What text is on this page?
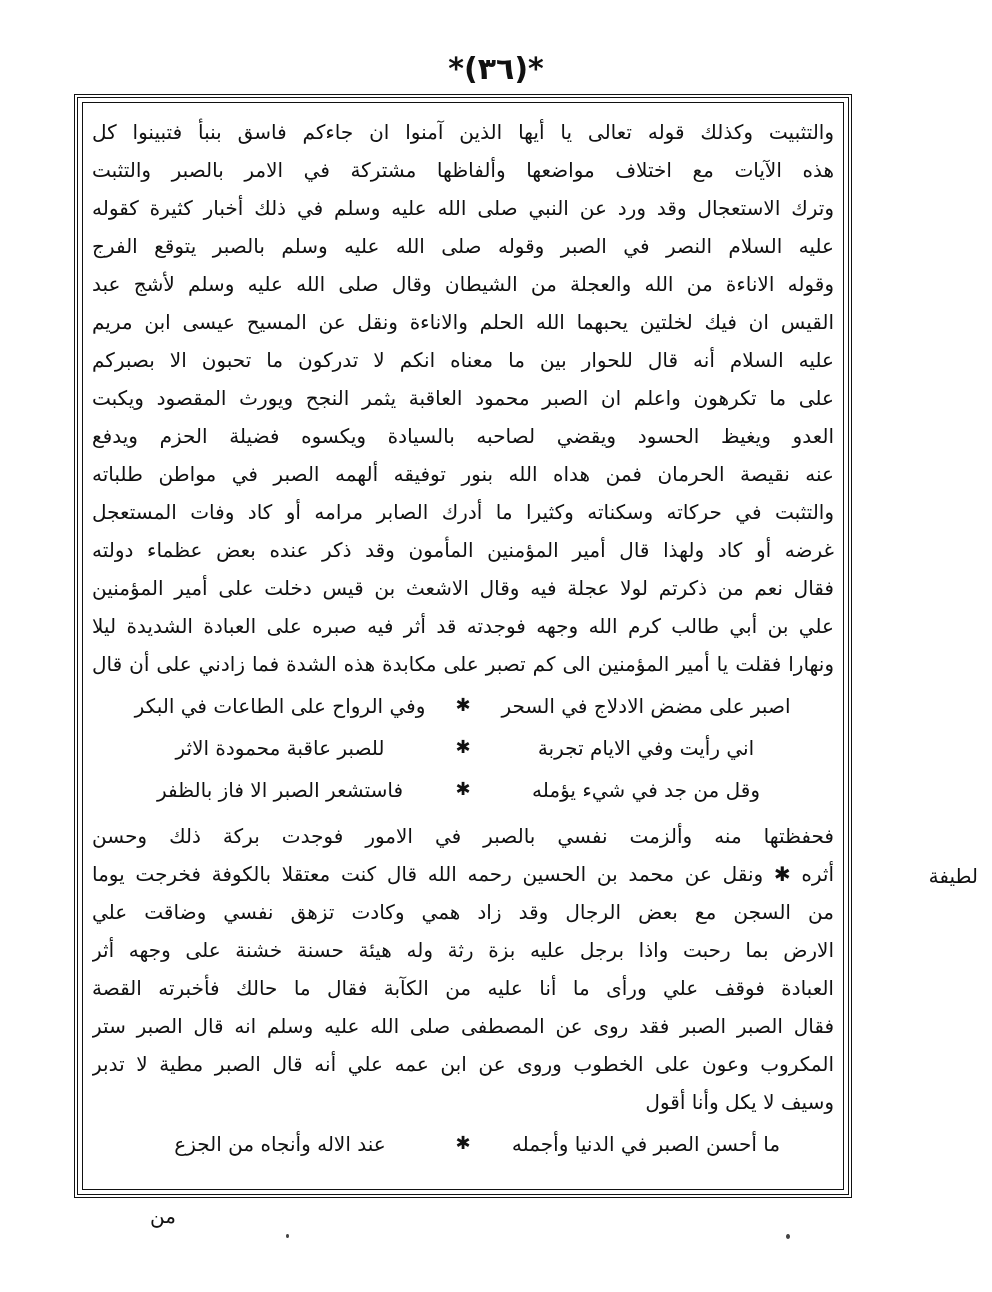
*(٣٦)*
والتثبيت وكذلك قوله تعالى يا أيها الذين آمنوا ان جاءكم فاسق بنبأ فتبينوا كل
هذه الآيات مع اختلاف مواضعها وألفاظها مشتركة في الامر بالصبر والتثبت
وترك الاستعجال وقد ورد عن النبي صلى الله عليه وسلم في ذلك أخبار كثيرة كقوله
عليه السلام النصر في الصبر وقوله صلى الله عليه وسلم بالصبر يتوقع الفرج
وقوله الاناءة من الله والعجلة من الشيطان وقال صلى الله عليه وسلم لأشج عبد
القيس ان فيك لخلتين يحبهما الله الحلم والاناءة ونقل عن المسيح عيسى ابن مريم
عليه السلام أنه قال للحوار بين ما معناه انكم لا تدركون ما تحبون الا بصبركم
على ما تكرهون واعلم ان الصبر محمود العاقبة يثمر النجح ويورث المقصود ويكبت
العدو ويغيظ الحسود ويقضي لصاحبه بالسيادة ويكسوه فضيلة الحزم ويدفع
عنه نقيصة الحرمان فمن هداه الله بنور توفيقه ألهمه الصبر في مواطن طلباته
والتثبت في حركاته وسكناته وكثيرا ما أدرك الصابر مرامه أو كاد وفات المستعجل
غرضه أو كاد ولهذا قال أمير المؤمنين المأمون وقد ذكر عنده بعض عظماء دولته
فقال نعم من ذكرتم لولا عجلة فيه وقال الاشعث بن قيس دخلت على أمير المؤمنين
علي بن أبي طالب كرم الله وجهه فوجدته قد أثر فيه صبره على العبادة الشديدة ليلا
ونهارا فقلت يا أمير المؤمنين الى كم تصبر على مكابدة هذه الشدة فما زادني على أن قال
اصبر على مضض الادلاج في السحر
✱
وفي الرواح على الطاعات في البكر
اني رأيت وفي الايام تجربة
✱
للصبر عاقبة محمودة الاثر
وقل من جد في شيء يؤمله
✱
فاستشعر الصبر الا فاز بالظفر
فحفظتها منه وألزمت نفسي بالصبر في الامور فوجدت بركة ذلك وحسن
أثره ✱ ونقل عن محمد بن الحسين رحمه الله قال كنت معتقلا بالكوفة فخرجت يوما
من السجن مع بعض الرجال وقد زاد همي وكادت تزهق نفسي وضاقت علي
الارض بما رحبت واذا برجل عليه بزة رثة وله هيئة حسنة خشنة على وجهه أثر
العبادة فوقف علي ورأى ما أنا عليه من الكآبة فقال ما حالك فأخبرته القصة
فقال الصبر الصبر فقد روى عن المصطفى صلى الله عليه وسلم انه قال الصبر ستر
المكروب وعون على الخطوب وروى عن ابن عمه علي أنه قال الصبر مطية لا تدبر
وسيف لا يكل وأنا أقول
ما أحسن الصبر في الدنيا وأجمله
✱
عند الاله وأنجاه من الجزع
لطيفة
من
